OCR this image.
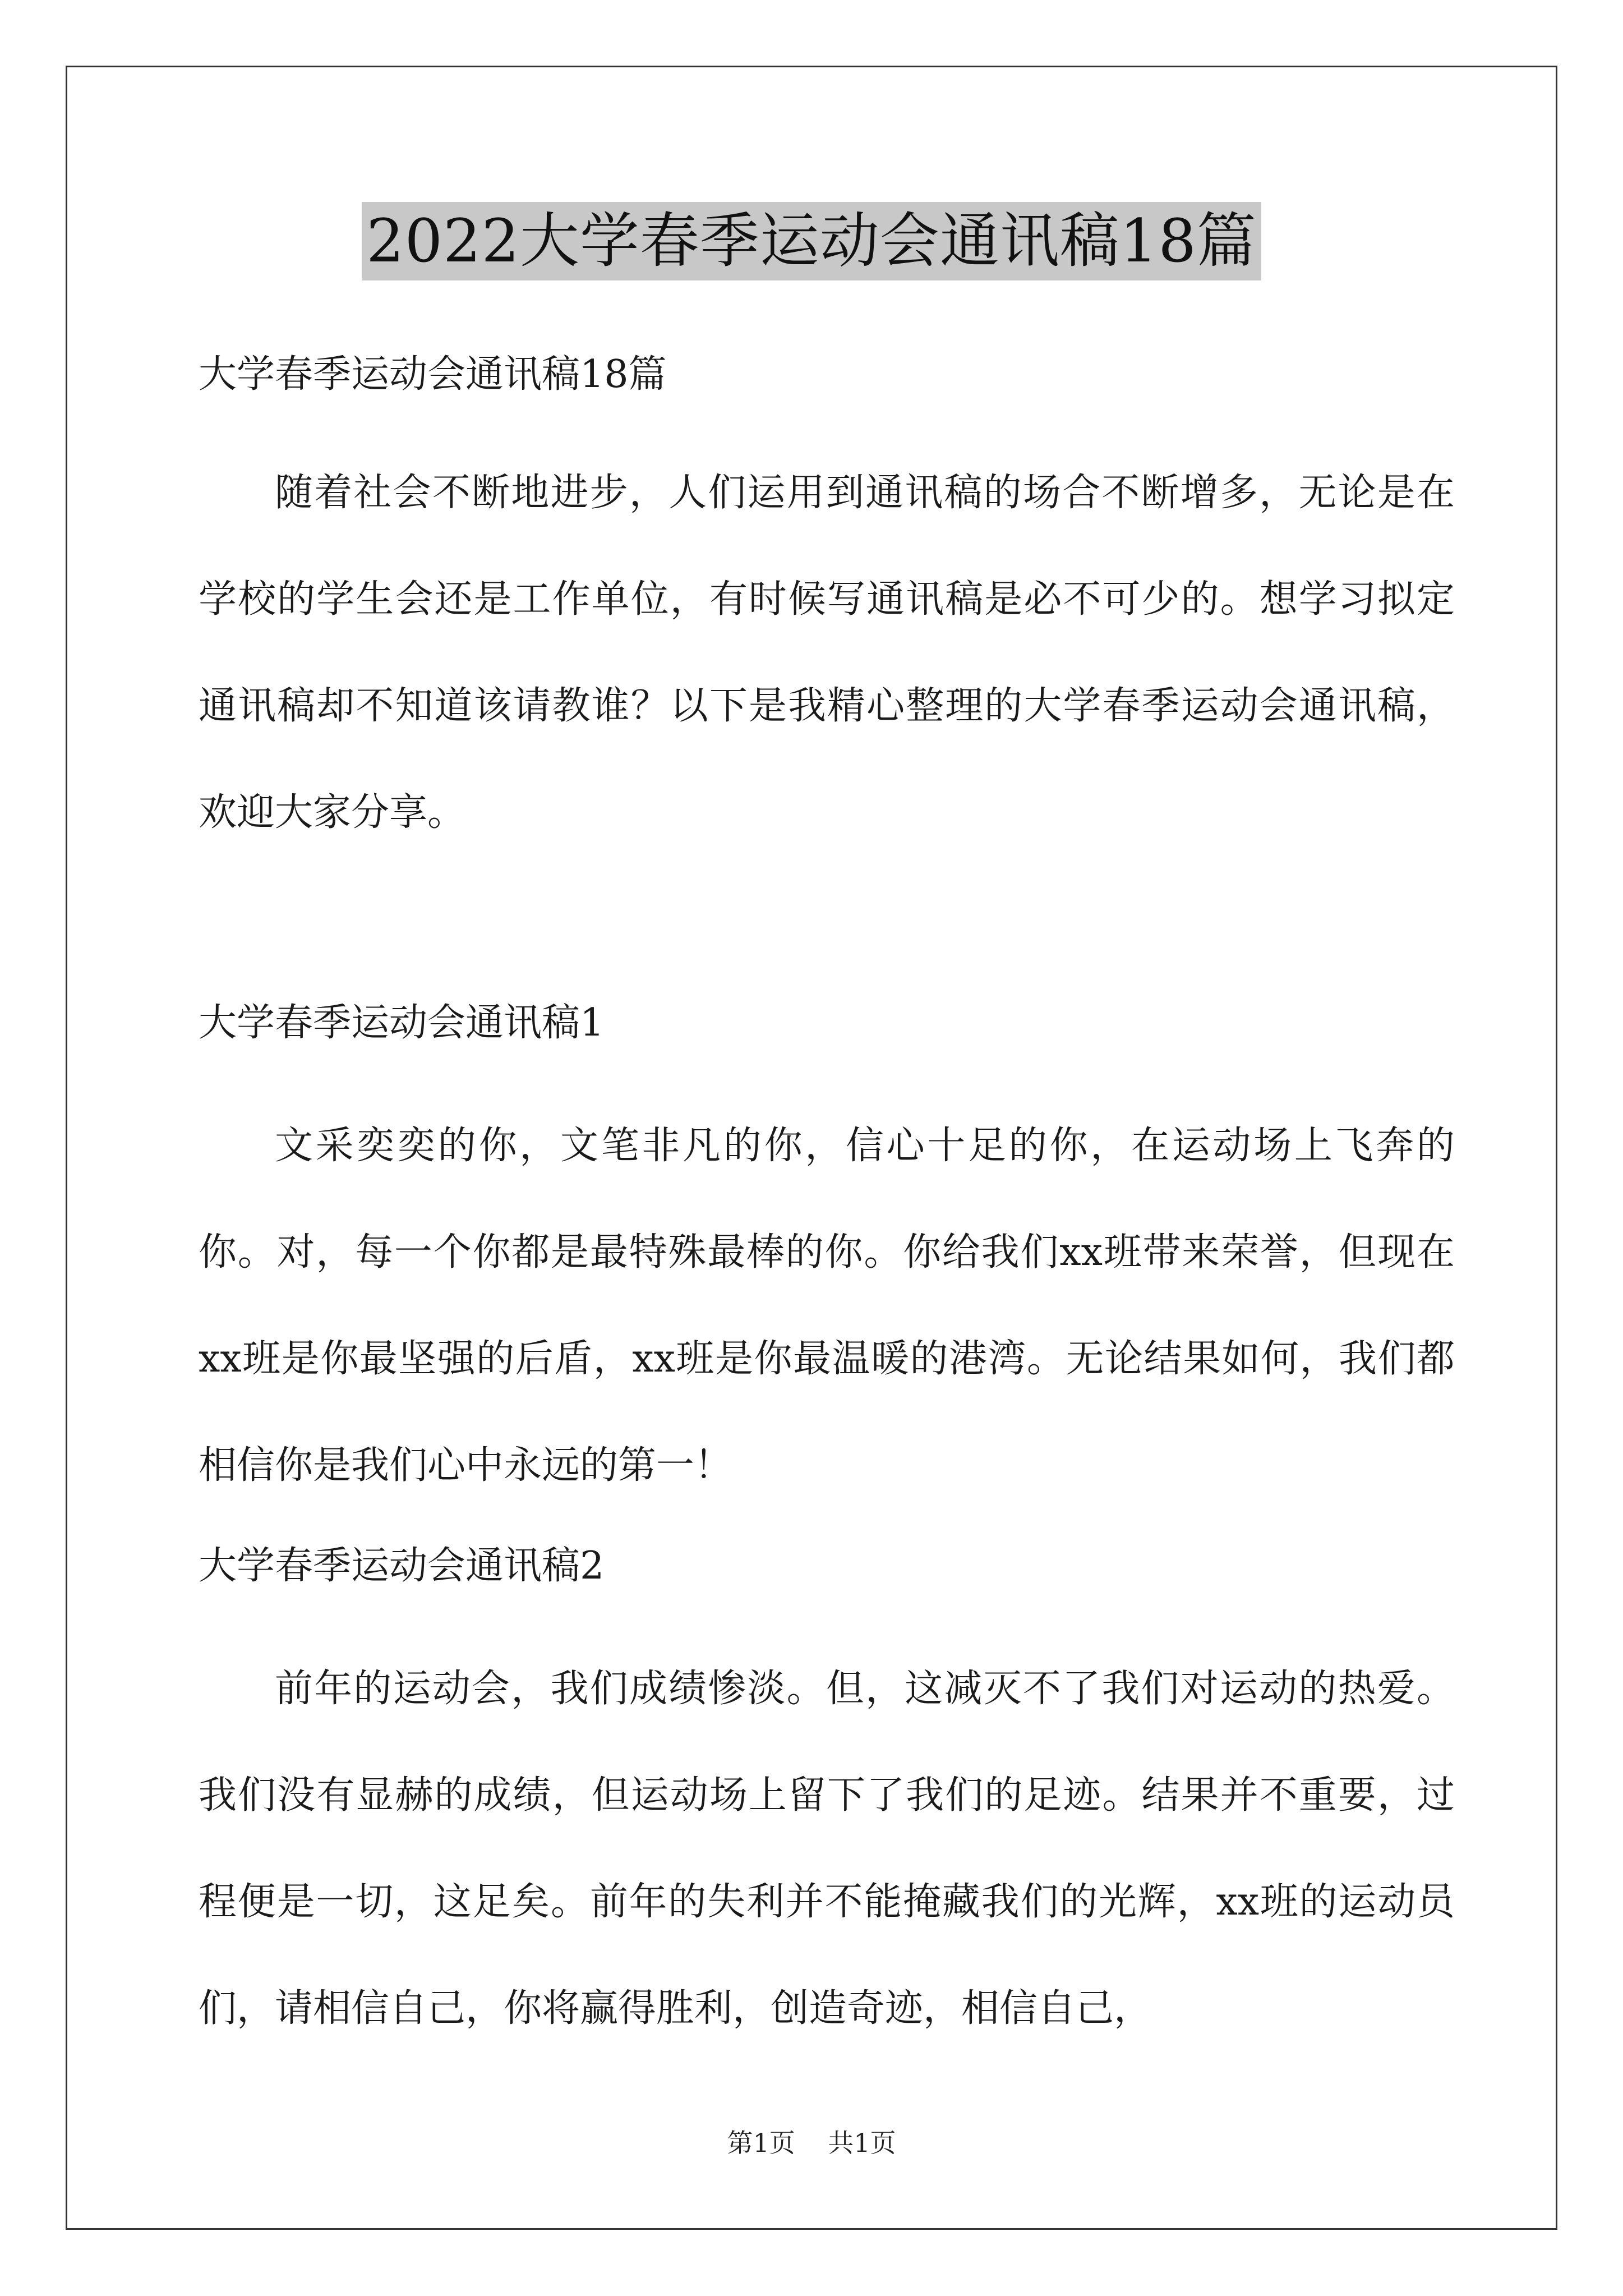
2022大学春季运动会通讯稿18篇

大学春季运动会通讯稿18篇

随着社会不断地进步，人们运用到通讯稿的场合不断增多，无论是在学校的学生会还是工作单位，有时候写通讯稿是必不可少的。想学习拟定通讯稿却不知道该请教谁？以下是我精心整理的大学春季运动会通讯稿，欢迎大家分享。

大学春季运动会通讯稿1

文采奕奕的你，文笔非凡的你，信心十足的你，在运动场上飞奔的你。对，每一个你都是最特殊最棒的你。你给我们xx班带来荣誉，但现在xx班是你最坚强的后盾，xx班是你最温暖的港湾。无论结果如何，我们都相信你是我们心中永远的第一！

大学春季运动会通讯稿2

前年的运动会，我们成绩惨淡。但，这减灭不了我们对运动的热爱。我们没有显赫的成绩，但运动场上留下了我们的足迹。结果并不重要，过程便是一切，这足矣。前年的失利并不能掩藏我们的光辉，xx班的运动员们，请相信自己，你将赢得胜利，创造奇迹，相信自己，

第1页    共1页
